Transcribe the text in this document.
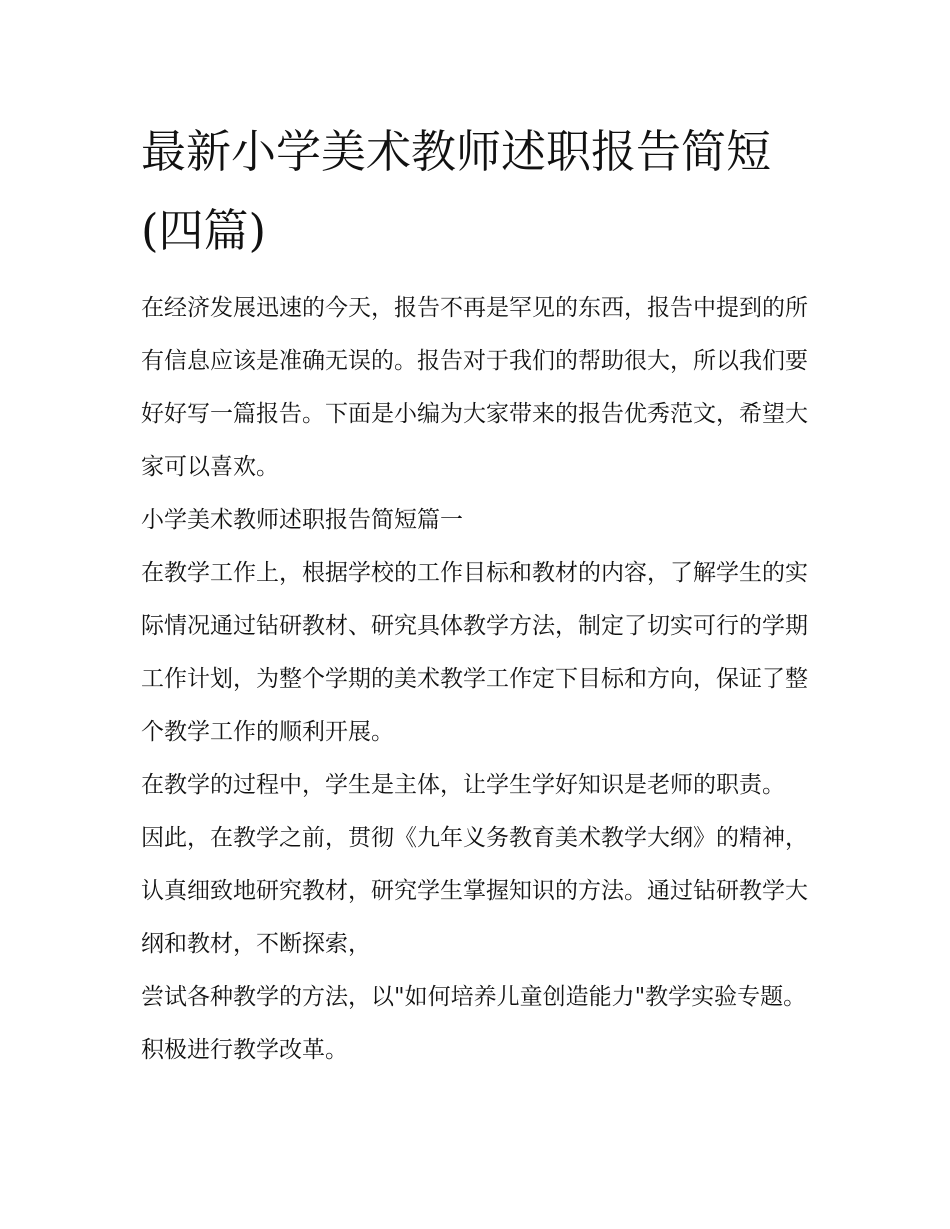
最新小学美术教师述职报告简短(四篇)

在经济发展迅速的今天，报告不再是罕见的东西，报告中提到的所有信息应该是准确无误的。报告对于我们的帮助很大，所以我们要好好写一篇报告。下面是小编为大家带来的报告优秀范文，希望大家可以喜欢。

小学美术教师述职报告简短篇一

在教学工作上，根据学校的工作目标和教材的内容，了解学生的实际情况通过钻研教材、研究具体教学方法，制定了切实可行的学期工作计划，为整个学期的美术教学工作定下目标和方向，保证了整个教学工作的顺利开展。

在教学的过程中，学生是主体，让学生学好知识是老师的职责。

因此，在教学之前，贯彻《九年义务教育美术教学大纲》的精神，认真细致地研究教材，研究学生掌握知识的方法。通过钻研教学大纲和教材，不断探索，

尝试各种教学的方法，以"如何培养儿童创造能力"教学实验专题。积极进行教学改革。
